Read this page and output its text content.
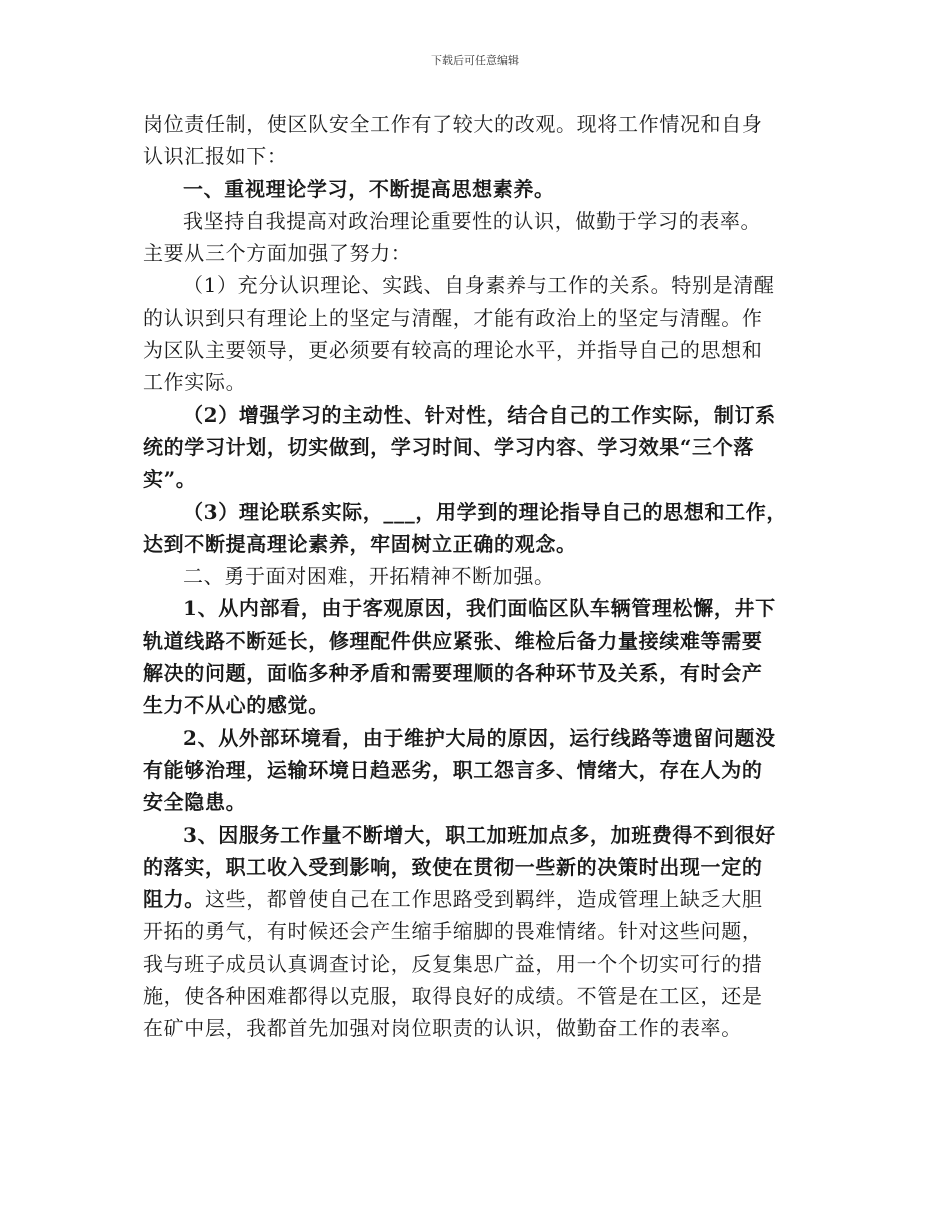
下载后可任意编辑

岗位责任制，使区队安全工作有了较大的改观。现将工作情况和自身
认识汇报如下：

一、重视理论学习，不断提高思想素养。

我坚持自我提高对政治理论重要性的认识，做勤于学习的表率。
主要从三个方面加强了努力：

（1）充分认识理论、实践、自身素养与工作的关系。特别是清醒
的认识到只有理论上的坚定与清醒，才能有政治上的坚定与清醒。作
为区队主要领导，更必须要有较高的理论水平，并指导自己的思想和
工作实际。

（2）增强学习的主动性、针对性，结合自己的工作实际，制订系
统的学习计划，切实做到，学习时间、学习内容、学习效果“三个落
实”。

（3）理论联系实际，___，用学到的理论指导自己的思想和工作，
达到不断提高理论素养，牢固树立正确的观念。

二、勇于面对困难，开拓精神不断加强。

1、从内部看，由于客观原因，我们面临区队车辆管理松懈，井下
轨道线路不断延长，修理配件供应紧张、维检后备力量接续难等需要
解决的问题，面临多种矛盾和需要理顺的各种环节及关系，有时会产
生力不从心的感觉。

2、从外部环境看，由于维护大局的原因，运行线路等遗留问题没
有能够治理，运输环境日趋恶劣，职工怨言多、情绪大，存在人为的
安全隐患。

3、因服务工作量不断增大，职工加班加点多，加班费得不到很好
的落实，职工收入受到影响，致使在贯彻一些新的决策时出现一定的
阻力。这些，都曾使自己在工作思路受到羁绊，造成管理上缺乏大胆
开拓的勇气，有时候还会产生缩手缩脚的畏难情绪。针对这些问题，
我与班子成员认真调查讨论，反复集思广益，用一个个切实可行的措
施，使各种困难都得以克服，取得良好的成绩。不管是在工区，还是
在矿中层，我都首先加强对岗位职责的认识，做勤奋工作的表率。
